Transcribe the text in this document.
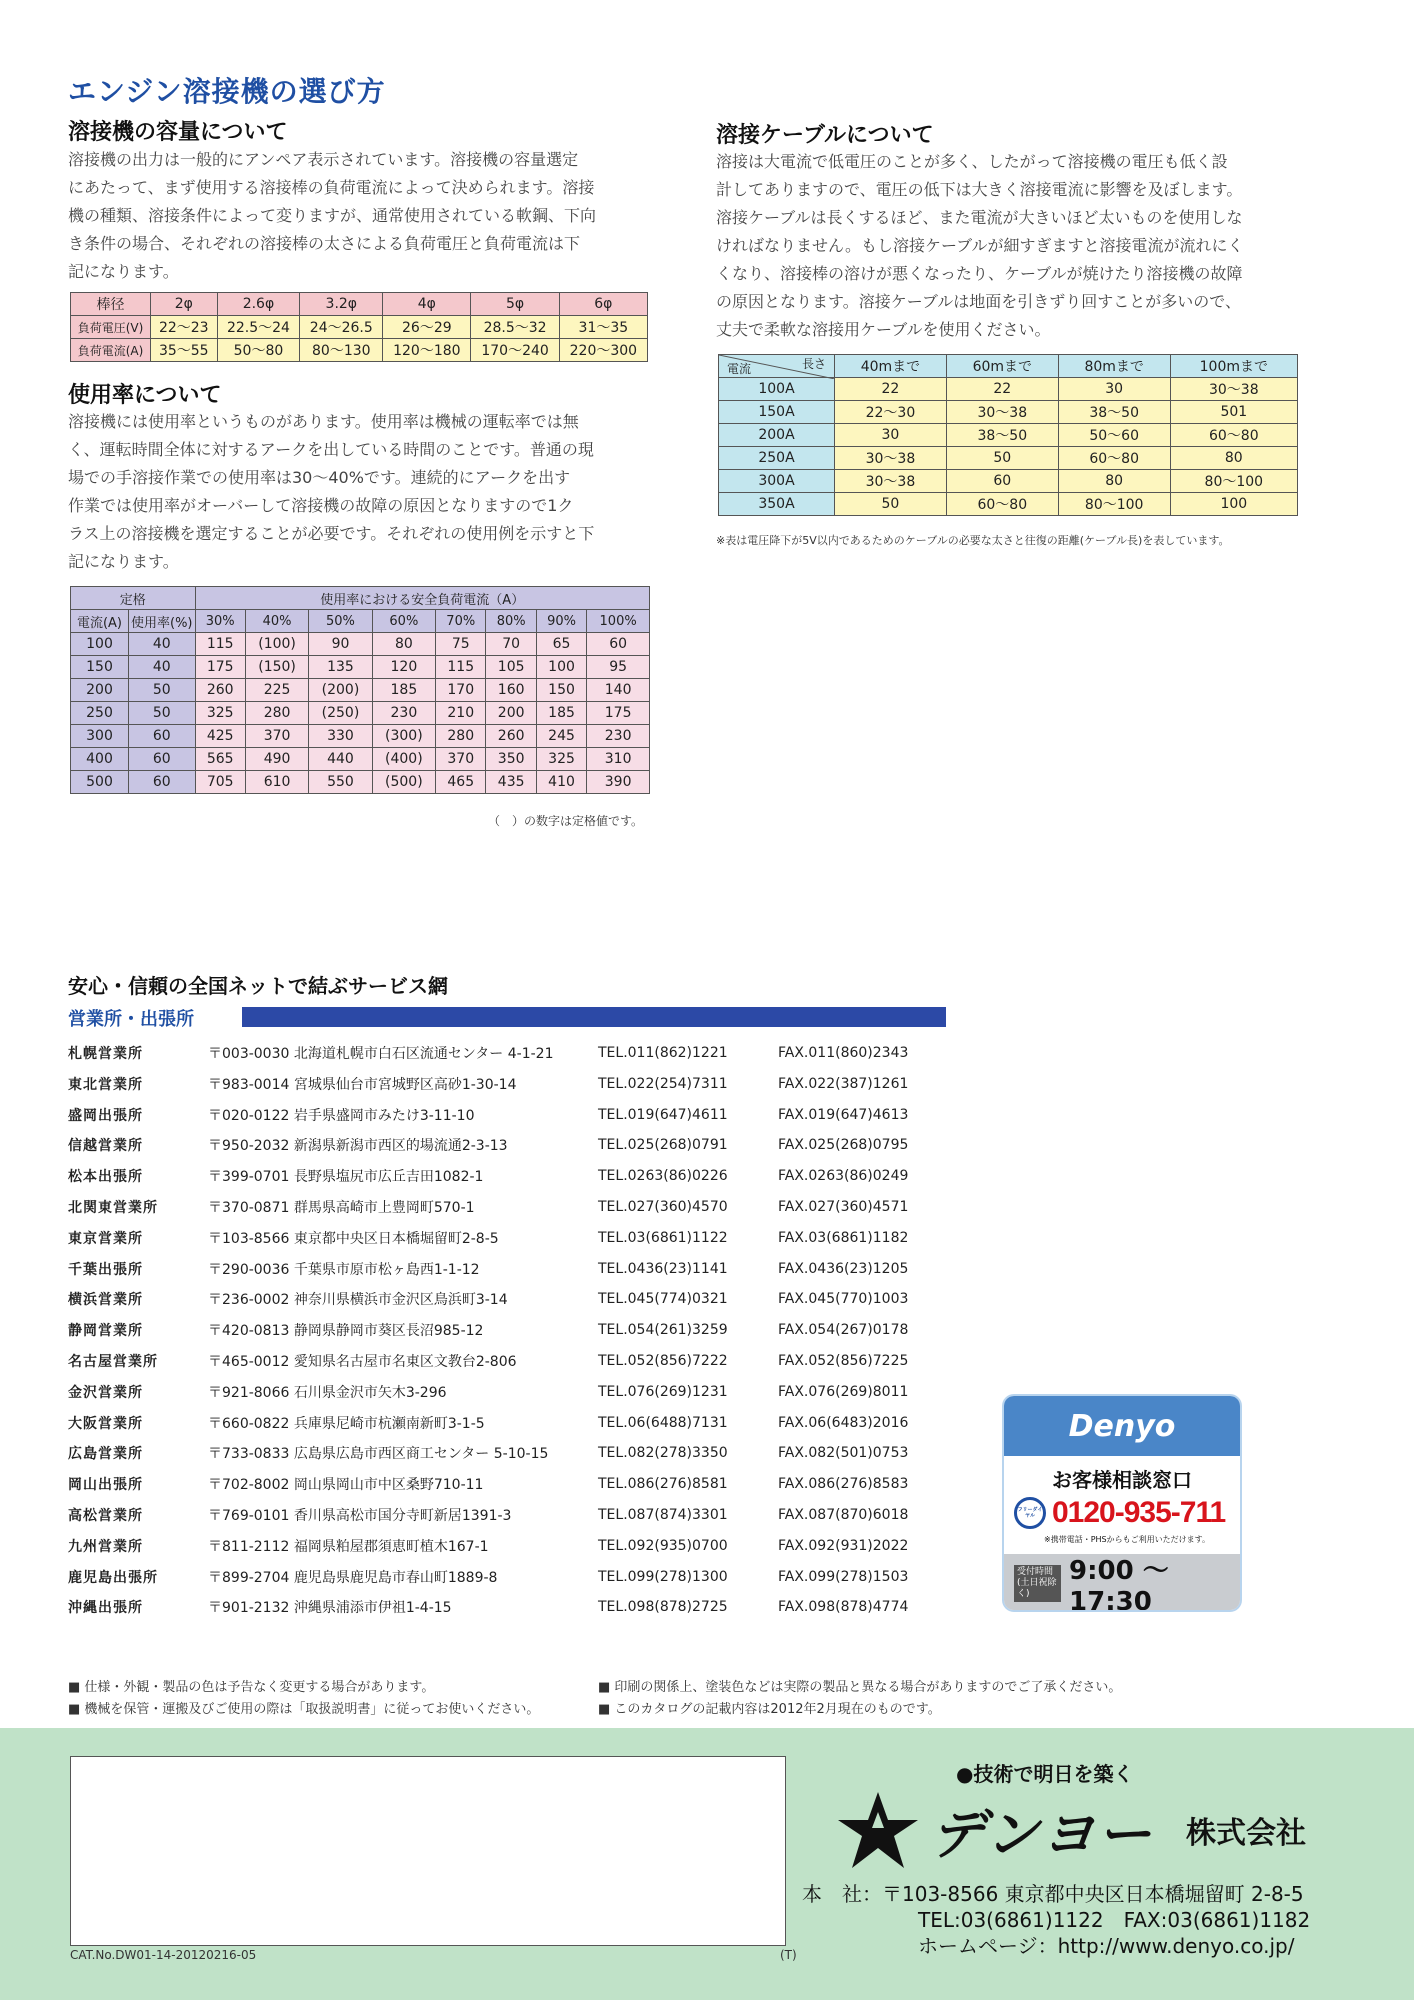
エンジン溶接機の選び方
溶接機の容量について
溶接機の出力は一般的にアンペア表示されています。溶接機の容量選定
にあたって、まず使用する溶接棒の負荷電流によって決められます。溶接
機の種類、溶接条件によって変りますが、通常使用されている軟鋼、下向
き条件の場合、それぞれの溶接棒の太さによる負荷電圧と負荷電流は下
記になります。
棒径	2φ	2.6φ	3.2φ	4φ	5φ	6φ
負荷電圧(V)	22〜23	22.5〜24	24〜26.5	26〜29	28.5〜32	31〜35
負荷電流(A)	35〜55	50〜80	80〜130	120〜180	170〜240	220〜300
使用率について
溶接機には使用率というものがあります。使用率は機械の運転率では無
く、運転時間全体に対するアークを出している時間のことです。普通の現
場での手溶接作業での使用率は30〜40%です。連続的にアークを出す
作業では使用率がオーバーして溶接機の故障の原因となりますので1ク
ラス上の溶接機を選定することが必要です。それぞれの使用例を示すと下
記になります。
定格		使用率における安全負荷電流（A）							
電流(A)	使用率(%)	30%	40%	50%	60%	70%	80%	90%	100%
100	40	115	(100)	90	80	75	70	65	60
150	40	175	(150)	135	120	115	105	100	95
200	50	260	225	(200)	185	170	160	150	140
250	50	325	280	(250)	230	210	200	185	175
300	60	425	370	330	(300)	280	260	245	230
400	60	565	490	440	(400)	370	350	325	310
500	60	705	610	550	(500)	465	435	410	390
（　）の数字は定格値です。
溶接ケーブルについて
溶接は大電流で低電圧のことが多く、したがって溶接機の電圧も低く設
計してありますので、電圧の低下は大きく溶接電流に影響を及ぼします。
溶接ケーブルは長くするほど、また電流が大きいほど太いものを使用しな
ければなりません。もし溶接ケーブルが細すぎますと溶接電流が流れにく
くなり、溶接棒の溶けが悪くなったり、ケーブルが焼けたり溶接機の故障
の原因となります。溶接ケーブルは地面を引きずり回すことが多いので、
丈夫で柔軟な溶接用ケーブルを使用ください。
長さ
電流	40mまで	60mまで	80mまで	100mまで
100A	22	22	30	30〜38
150A	22〜30	30〜38	38〜50	501
200A	30	38〜50	50〜60	60〜80
250A	30〜38	50	60〜80	80
300A	30〜38	60	80	80〜100
350A	50	60〜80	80〜100	100
※表は電圧降下が5V以内であるためのケーブルの必要な太さと往復の距離(ケーブル長)を表しています。
安心・信頼の全国ネットで結ぶサービス網
営業所・出張所
札幌営業所	〒003-0030 北海道札幌市白石区流通センター 4-1-21	TEL.011(862)1221	FAX.011(860)2343
東北営業所	〒983-0014 宮城県仙台市宮城野区高砂1-30-14	TEL.022(254)7311	FAX.022(387)1261
盛岡出張所	〒020-0122 岩手県盛岡市みたけ3-11-10	TEL.019(647)4611	FAX.019(647)4613
信越営業所	〒950-2032 新潟県新潟市西区的場流通2-3-13	TEL.025(268)0791	FAX.025(268)0795
松本出張所	〒399-0701 長野県塩尻市広丘吉田1082-1	TEL.0263(86)0226	FAX.0263(86)0249
北関東営業所	〒370-0871 群馬県高崎市上豊岡町570-1	TEL.027(360)4570	FAX.027(360)4571
東京営業所	〒103-8566 東京都中央区日本橋堀留町2-8-5	TEL.03(6861)1122	FAX.03(6861)1182
千葉出張所	〒290-0036 千葉県市原市松ヶ島西1-1-12	TEL.0436(23)1141	FAX.0436(23)1205
横浜営業所	〒236-0002 神奈川県横浜市金沢区鳥浜町3-14	TEL.045(774)0321	FAX.045(770)1003
静岡営業所	〒420-0813 静岡県静岡市葵区長沼985-12	TEL.054(261)3259	FAX.054(267)0178
名古屋営業所	〒465-0012 愛知県名古屋市名東区文教台2-806	TEL.052(856)7222	FAX.052(856)7225
金沢営業所	〒921-8066 石川県金沢市矢木3-296	TEL.076(269)1231	FAX.076(269)8011
大阪営業所	〒660-0822 兵庫県尼崎市杭瀬南新町3-1-5	TEL.06(6488)7131	FAX.06(6483)2016
広島営業所	〒733-0833 広島県広島市西区商工センター 5-10-15	TEL.082(278)3350	FAX.082(501)0753
岡山出張所	〒702-8002 岡山県岡山市中区桑野710-11	TEL.086(276)8581	FAX.086(276)8583
高松営業所	〒769-0101 香川県高松市国分寺町新居1391-3	TEL.087(874)3301	FAX.087(870)6018
九州営業所	〒811-2112 福岡県粕屋郡須恵町植木167-1	TEL.092(935)0700	FAX.092(931)2022
鹿児島出張所	〒899-2704 鹿児島県鹿児島市春山町1889-8	TEL.099(278)1300	FAX.099(278)1503
沖縄出張所	〒901-2132 沖縄県浦添市伊祖1-4-15	TEL.098(878)2725	FAX.098(878)4774
Denyo
お客様相談窓口
フリーダイヤル 0120-935-711
※携帯電話・PHSからもご利用いただけます。
受付時間(土日祝除く)
9:00 〜 17:30
■ 仕様・外観・製品の色は予告なく変更する場合があります。
■ 機械を保管・運搬及びご使用の際は「取扱説明書」に従ってお使いください。
■ 印刷の関係上、塗装色などは実際の製品と異なる場合がありますのでご了承ください。
■ このカタログの記載内容は2012年2月現在のものです。
●技術で明日を築く
デンヨー 株式会社
本　社：〒103-8566 東京都中央区日本橋堀留町 2-8-5
TEL:03(6861)1122　FAX:03(6861)1182
ホームページ：http://www.denyo.co.jp/
CAT.No.DW01-14-20120216-05	(T)
